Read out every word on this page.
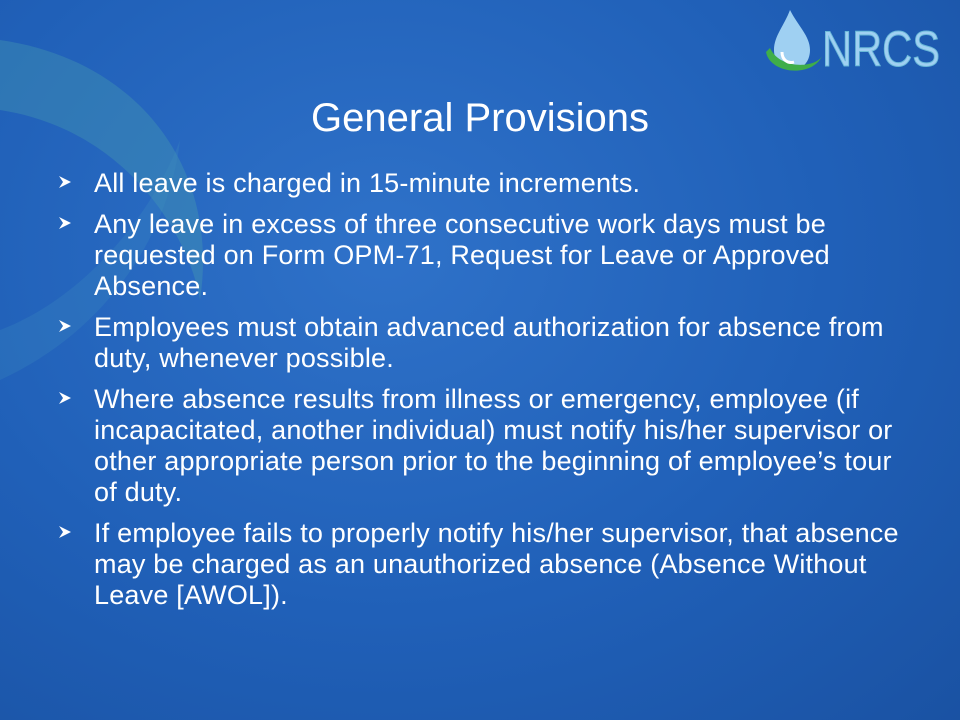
NRCS
General Provisions
All leave is charged in 15-minute increments.
Any leave in excess of three consecutive work days must be requested on Form OPM-71, Request for Leave or Approved Absence.
Employees must obtain advanced authorization for absence from duty, whenever possible.
Where absence results from illness or emergency, employee (if incapacitated, another individual) must notify his/her supervisor or other appropriate person prior to the beginning of employee’s tour of duty.
If employee fails to properly notify his/her supervisor, that absence may be charged as an unauthorized absence (Absence Without Leave [AWOL]).
